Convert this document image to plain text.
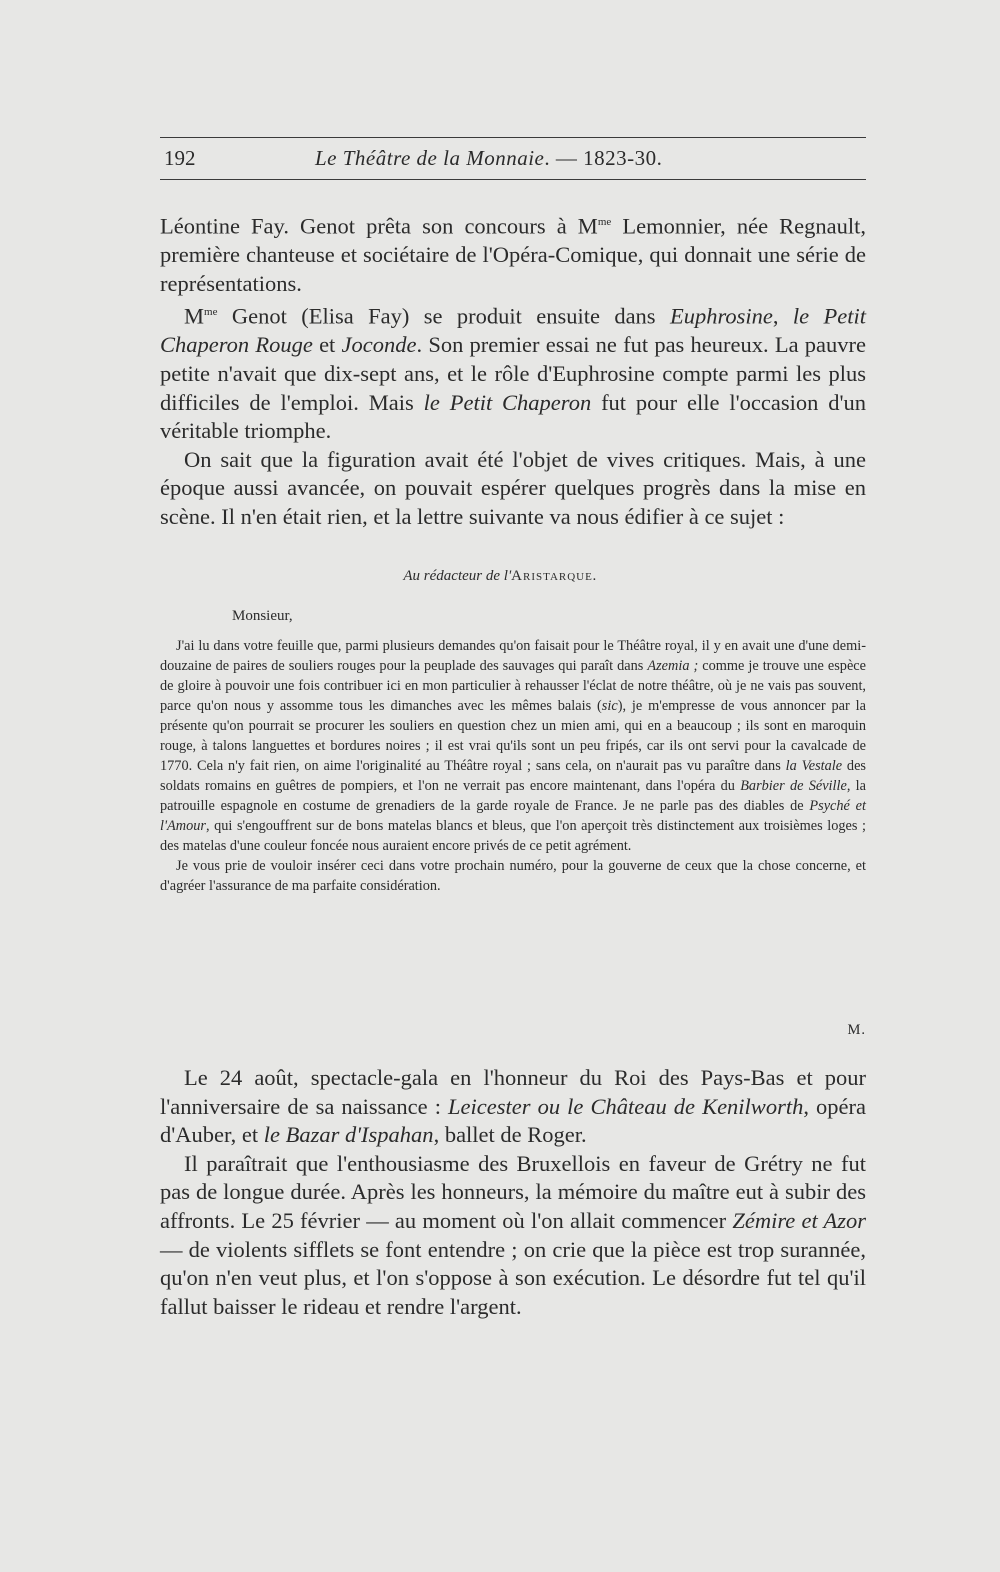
192	Le Théâtre de la Monnaie. — 1823-30.

Léontine Fay. Genot prêta son concours à $M^{me}$ Lemonnier, née Regnault, première chanteuse et sociétaire de l'Opéra-Comique, qui donnait une série de représentations.

$M^{me}$ Genot (Elisa Fay) se produit ensuite dans Euphrosine, le Petit Chaperon Rouge et Joconde. Son premier essai ne fut pas heureux. La pauvre petite n'avait que dix-sept ans, et le rôle d'Euphrosine compte parmi les plus difficiles de l'emploi. Mais le Petit Chaperon fut pour elle l'occasion d'un véritable triomphe.

On sait que la figuration avait été l'objet de vives critiques. Mais, à une époque aussi avancée, on pouvait espérer quelques progrès dans la mise en scène. Il n'en était rien, et la lettre suivante va nous édifier à ce sujet :

Au rédacteur de l'Aristarque.
Monsieur,

J'ai lu dans votre feuille que, parmi plusieurs demandes qu'on faisait pour le Théâtre royal, il y en avait une d'une demi-douzaine de paires de souliers rouges pour la peuplade des sauvages qui paraît dans Azemia ; comme je trouve une espèce de gloire à pouvoir une fois contribuer ici en mon particulier à rehausser l'éclat de notre théâtre, où je ne vais pas souvent, parce qu'on nous y assomme tous les dimanches avec les mêmes balais (sic), je m'empresse de vous annoncer par la présente qu'on pourrait se procurer les souliers en question chez un mien ami, qui en a beaucoup ; ils sont en maroquin rouge, à talons languettes et bordures noires ; il est vrai qu'ils sont un peu fripés, car ils ont servi pour la cavalcade de 1770. Cela n'y fait rien, on aime l'originalité au Théâtre royal ; sans cela, on n'aurait pas vu paraître dans la Vestale des soldats romains en guêtres de pompiers, et l'on ne verrait pas encore maintenant, dans l'opéra du Barbier de Séville, la patrouille espagnole en costume de grenadiers de la garde royale de France. Je ne parle pas des diables de Psyché et l'Amour, qui s'engouffrent sur de bons matelas blancs et bleus, que l'on aperçoit très distinctement aux troisièmes loges ; des matelas d'une couleur foncée nous auraient encore privés de ce petit agrément.

Je vous prie de vouloir insérer ceci dans votre prochain numéro, pour la gouverne de ceux que la chose concerne, et d'agréer l'assurance de ma parfaite considération.

M.

Le 24 août, spectacle-gala en l'honneur du Roi des Pays-Bas et pour l'anniversaire de sa naissance : Leicester ou le Château de Kenilworth, opéra d'Auber, et le Bazar d'Ispahan, ballet de Roger.

Il paraîtrait que l'enthousiasme des Bruxellois en faveur de Grétry ne fut pas de longue durée. Après les honneurs, la mémoire du maître eut à subir des affronts. Le 25 février — au moment où l'on allait commencer Zémire et Azor — de violents sifflets se font entendre ; on crie que la pièce est trop surannée, qu'on n'en veut plus, et l'on s'oppose à son exécution. Le désordre fut tel qu'il fallut baisser le rideau et rendre l'argent.
